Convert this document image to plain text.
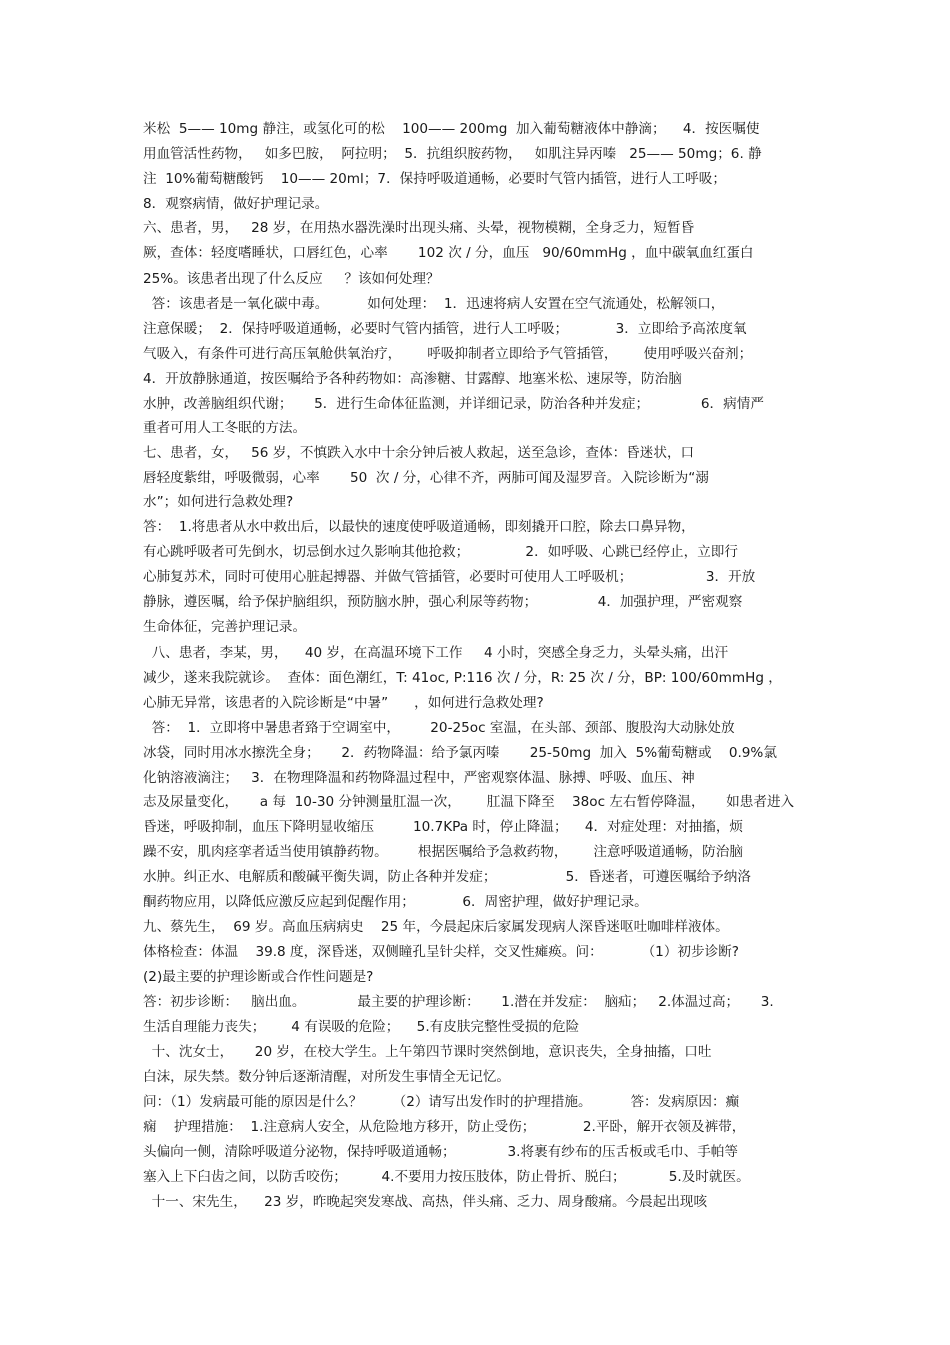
米松  5—— 10mg 静注，或氢化可的松    100—— 200mg  加入葡萄糖液体中静滴；    4．按医嘱使
用血管活性药物，   如多巴胺，  阿拉明；  5．抗组织胺药物，   如肌注异丙嗪   25—— 50mg；6. 静
注  10%葡萄糖酸钙    10—— 20ml；7．保持呼吸道通畅，必要时气管内插管，进行人工呼吸；
8．观察病情，做好护理记录。
六、患者，男，   28 岁，在用热水器洗澡时出现头痛、头晕，视物模糊，全身乏力，短暂昏
厥，查体：轻度嗜睡状，口唇红色，心率       102 次 / 分，血压   90/60mmHg ，血中碳氧血红蛋白
25%。该患者出现了什么反应     ？该如何处理？
答：该患者是一氧化碳中毒。         如何处理：  1．迅速将病人安置在空气流通处，松解领口，
注意保暖；  2．保持呼吸道通畅，必要时气管内插管，进行人工呼吸；           3．立即给予高浓度氧
气吸入，有条件可进行高压氧舱供氧治疗，      呼吸抑制者立即给予气管插管，      使用呼吸兴奋剂；
4．开放静脉通道，按医嘱给予各种药物如：高渗糖、甘露醇、地塞米松、速尿等，防治脑
水肿，改善脑组织代谢；     5．进行生命体征监测，并详细记录，防治各种并发症；            6．病情严
重者可用人工冬眠的方法。
七、患者，女，   56 岁，不慎跌入水中十余分钟后被人救起，送至急诊，查体：昏迷状，口
唇轻度紫绀，呼吸微弱，心率       50  次 / 分，心律不齐，两肺可闻及湿罗音。入院诊断为“溺
水”；如何进行急救处理?
答：  1.将患者从水中救出后，以最快的速度使呼吸道通畅，即刻撬开口腔，除去口鼻异物，
有心跳呼吸者可先倒水，切忌倒水过久影响其他抢救；             2．如呼吸、心跳已经停止，立即行
心肺复苏术，同时可使用心脏起搏器、并做气管插管，必要时可使用人工呼吸机；                 3．开放
静脉，遵医嘱，给予保护脑组织，预防脑水肿，强心利尿等药物；              4．加强护理，严密观察
生命体征，完善护理记录。
八、患者，李某，男，    40 岁，在高温环境下工作     4 小时，突感全身乏力，头晕头痛，出汗
减少，遂来我院就诊。  查体：面色潮红，T: 41oc, P:116 次 / 分，R: 25 次 / 分，BP: 100/60mmHg ，
心肺无异常，该患者的入院诊断是“中暑”      ，如何进行急救处理?
答：  1．立即将中暑患者臵于空调室中，       20-25oc 室温，在头部、颈部、腹股沟大动脉处放
冰袋，同时用冰水擦洗全身；     2．药物降温：给予氯丙嗪       25-50mg  加入  5%葡萄糖或    0.9%氯
化钠溶液滴注；   3．在物理降温和药物降温过程中，严密观察体温、脉搏、呼吸、血压、神
志及尿量变化，     a 每  10-30 分钟测量肛温一次，      肛温下降至    38oc 左右暂停降温，     如患者进入
昏迷，呼吸抑制，血压下降明显收缩压         10.7KPa 时，停止降温；    4．对症处理：对抽搐，烦
躁不安，肌肉痉挛者适当使用镇静药物。       根据医嘱给予急救药物，      注意呼吸道通畅，防治脑
水肿。纠正水、电解质和酸碱平衡失调，防止各种并发症；                5．昏迷者，可遵医嘱给予纳洛
酮药物应用，以降低应激反应起到促醒作用；           6．周密护理，做好护理记录。
九、蔡先生，  69 岁。高血压病病史    25 年，今晨起床后家属发现病人深昏迷呕吐咖啡样液体。
体格检查：体温    39.8 度，深昏迷，双侧瞳孔呈针尖样，交叉性瘫痪。问：         （1）初步诊断?
(2)最主要的护理诊断或合作性问题是?
答：初步诊断：   脑出血。            最主要的护理诊断：     1.潜在并发症：  脑疝；   2.体温过高；     3.
生活自理能力丧失；      4 有误吸的危险；    5.有皮肤完整性受损的危险
十、沈女士，     20 岁，在校大学生。上午第四节课时突然倒地，意识丧失，全身抽搐，口吐
白沫，尿失禁。数分钟后逐渐清醒，对所发生事情全无记忆。
问：（1）发病最可能的原因是什么？       （2）请写出发作时的护理措施。         答：发病原因：癫
痫    护理措施：  1.注意病人安全，从危险地方移开，防止受伤；           2.平卧，解开衣领及裤带，
头偏向一侧，清除呼吸道分泌物，保持呼吸道通畅；            3.将裹有纱布的压舌板或毛巾、手帕等
塞入上下臼齿之间，以防舌咬伤；        4.不要用力按压肢体，防止骨折、脱臼；          5.及时就医。
十一、宋先生，    23 岁，昨晚起突发寒战、高热，伴头痛、乏力、周身酸痛。今晨起出现咳
